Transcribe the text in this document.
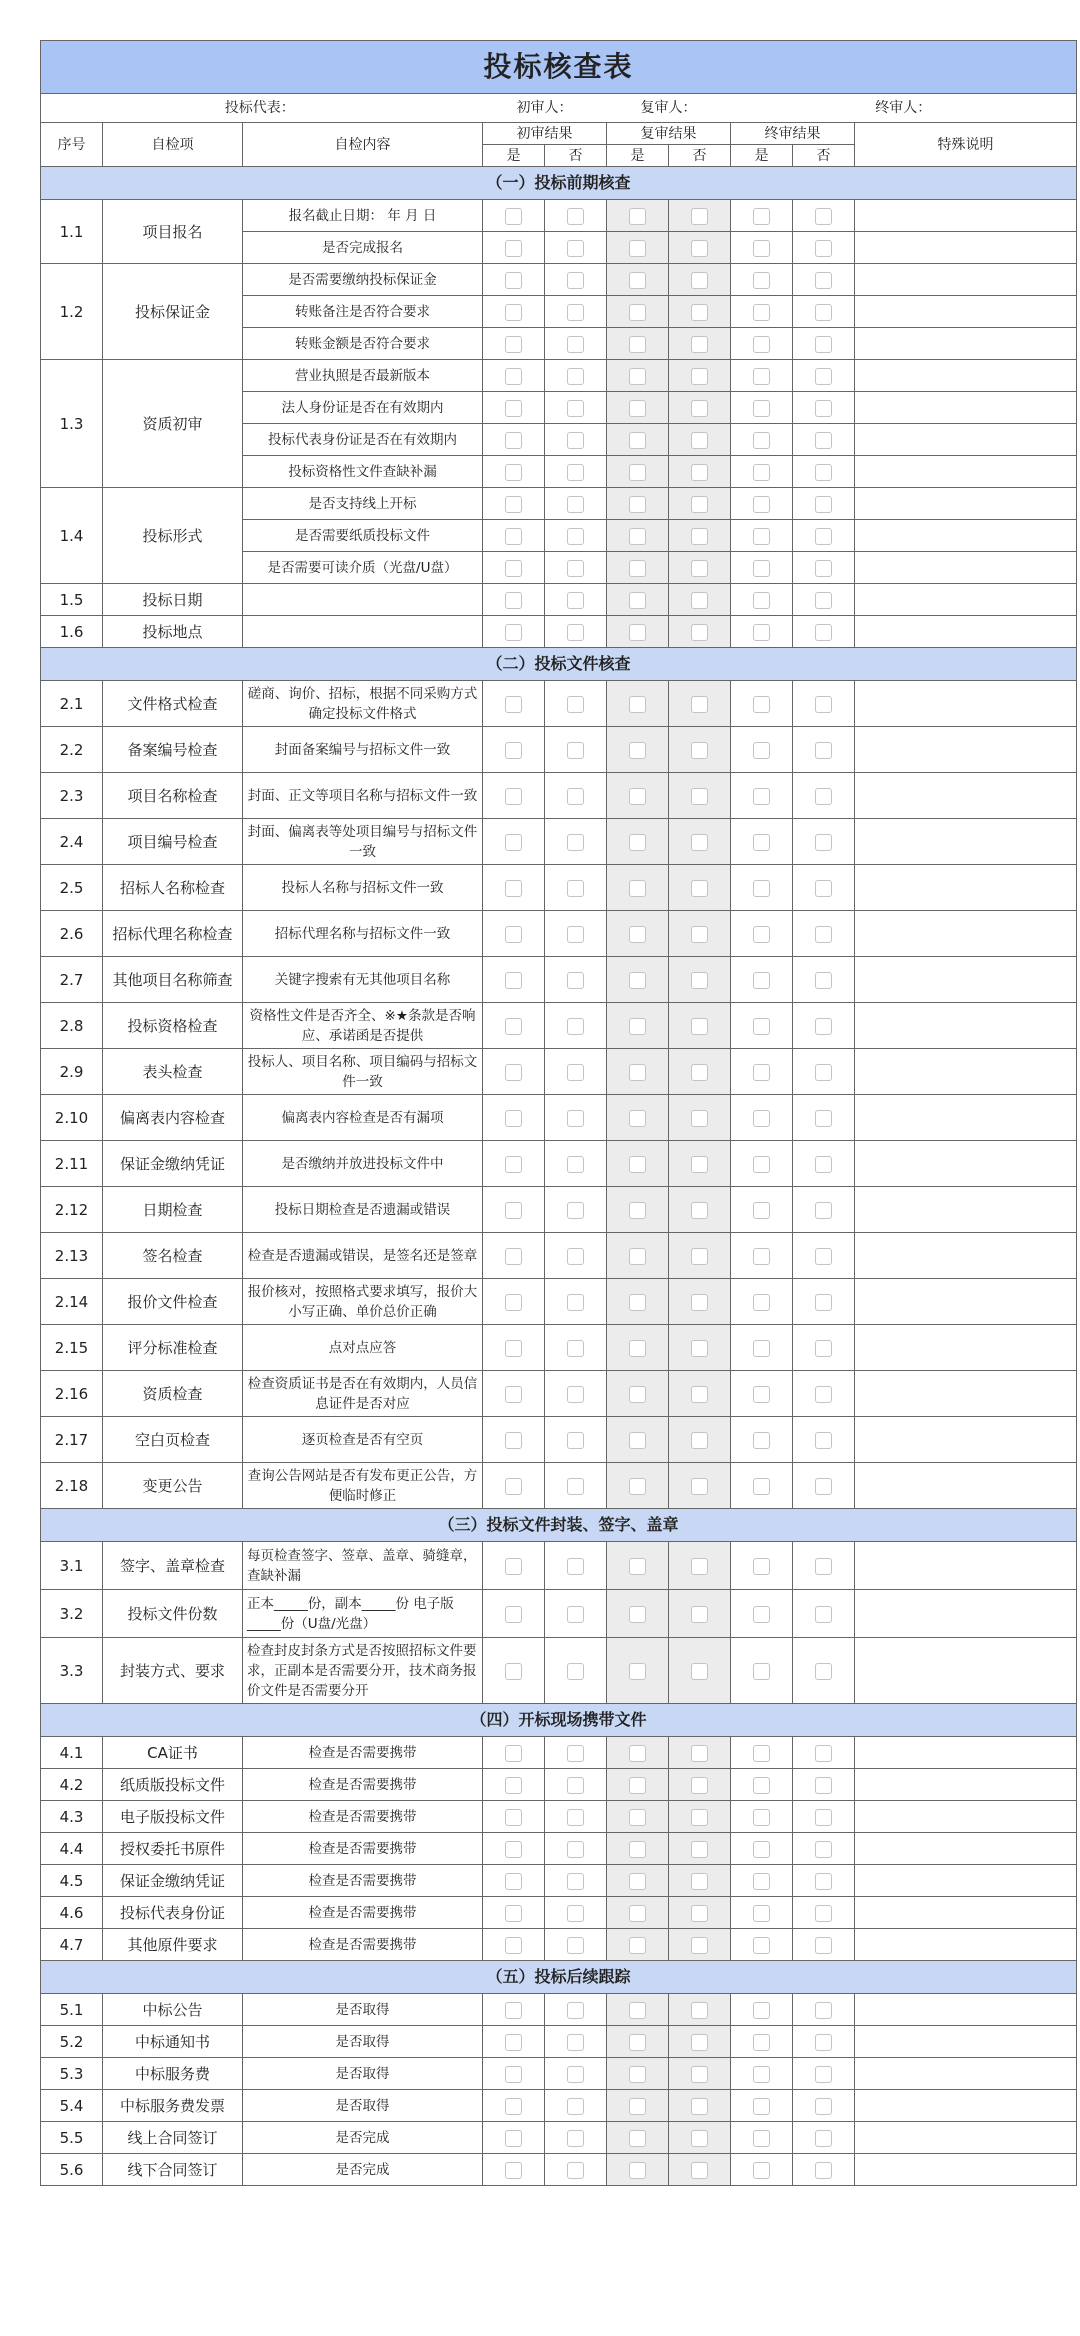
投标核查表									
投标代表：			初审人：		复审人：		终审人：		
序号	自检项	自检内容	初审结果		复审结果		终审结果		特殊说明
			是	否	是	否	是	否	
（一）投标前期核查									
1.1	项目报名	报名截止日期： 年 月 日							
		是否完成报名							
1.2	投标保证金	是否需要缴纳投标保证金							
		转账备注是否符合要求							
		转账金额是否符合要求							
1.3	资质初审	营业执照是否最新版本							
		法人身份证是否在有效期内							
		投标代表身份证是否在有效期内							
		投标资格性文件查缺补漏							
1.4	投标形式	是否支持线上开标							
		是否需要纸质投标文件							
		是否需要可读介质（光盘/U盘）							
1.5	投标日期								
1.6	投标地点								
（二）投标文件核查									
2.1	文件格式检查	磋商、询价、招标，根据不同采购方式确定投标文件格式							
2.2	备案编号检查	封面备案编号与招标文件一致							
2.3	项目名称检查	封面、正文等项目名称与招标文件一致							
2.4	项目编号检查	封面、偏离表等处项目编号与招标文件一致							
2.5	招标人名称检查	投标人名称与招标文件一致							
2.6	招标代理名称检查	招标代理名称与招标文件一致							
2.7	其他项目名称筛查	关键字搜索有无其他项目名称							
2.8	投标资格检查	资格性文件是否齐全、※★条款是否响应、承诺函是否提供							
2.9	表头检查	投标人、项目名称、项目编码与招标文件一致							
2.10	偏离表内容检查	偏离表内容检查是否有漏项							
2.11	保证金缴纳凭证	是否缴纳并放进投标文件中							
2.12	日期检查	投标日期检查是否遗漏或错误							
2.13	签名检查	检查是否遗漏或错误，是签名还是签章							
2.14	报价文件检查	报价核对，按照格式要求填写，报价大小写正确、单价总价正确							
2.15	评分标准检查	点对点应答							
2.16	资质检查	检查资质证书是否在有效期内，人员信息证件是否对应							
2.17	空白页检查	逐页检查是否有空页							
2.18	变更公告	查询公告网站是否有发布更正公告，方便临时修正							
（三）投标文件封装、签字、盖章									
3.1	签字、盖章检查	每页检查签字、签章、盖章、骑缝章，查缺补漏							
3.2	投标文件份数	正本_____份，副本_____份 电子版_____份（U盘/光盘）							
3.3	封装方式、要求	检查封皮封条方式是否按照招标文件要求，正副本是否需要分开，技术商务报价文件是否需要分开							
（四）开标现场携带文件									
4.1	CA证书	检查是否需要携带							
4.2	纸质版投标文件	检查是否需要携带							
4.3	电子版投标文件	检查是否需要携带							
4.4	授权委托书原件	检查是否需要携带							
4.5	保证金缴纳凭证	检查是否需要携带							
4.6	投标代表身份证	检查是否需要携带							
4.7	其他原件要求	检查是否需要携带							
（五）投标后续跟踪									
5.1	中标公告	是否取得							
5.2	中标通知书	是否取得							
5.3	中标服务费	是否取得							
5.4	中标服务费发票	是否取得							
5.5	线上合同签订	是否完成							
5.6	线下合同签订	是否完成							
